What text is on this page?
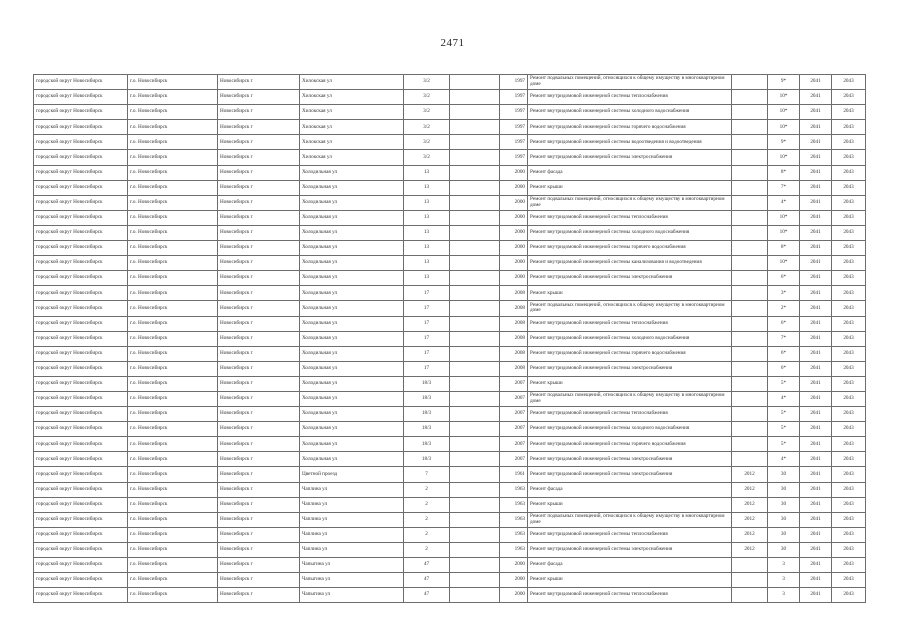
2471
городской округ Новосибирск	г.о. Новосибирск	Новосибирск г	Хилокская ул	3/2		1997	Ремонт подвальных помещений, относящихся к общему имуществу в многоквартирном доме		9*	2041	2043
городской округ Новосибирск	г.о. Новосибирск	Новосибирск г	Хилокская ул	3/2		1997	Ремонт внутридомовой инженерной системы теплоснабжения		10*	2041	2043
городской округ Новосибирск	г.о. Новосибирск	Новосибирск г	Хилокская ул	3/2		1997	Ремонт внутридомовой инженерной системы холодного водоснабжения		10*	2041	2043
городской округ Новосибирск	г.о. Новосибирск	Новосибирск г	Хилокская ул	3/2		1997	Ремонт внутридомовой инженерной системы горячего водоснабжения		10*	2041	2043
городской округ Новосибирск	г.о. Новосибирск	Новосибирск г	Хилокская ул	3/2		1997	Ремонт внутридомовой инженерной системы водоотведения и водоотведения		9*	2041	2043
городской округ Новосибирск	г.о. Новосибирск	Новосибирск г	Хилокская ул	3/2		1997	Ремонт внутридомовой инженерной системы электроснабжения		10*	2041	2043
городской округ Новосибирск	г.о. Новосибирск	Новосибирск г	Холодильная ул	13		2000	Ремонт фасада		8*	2041	2043
городской округ Новосибирск	г.о. Новосибирск	Новосибирск г	Холодильная ул	13		2000	Ремонт крыши		7*	2041	2043
городской округ Новосибирск	г.о. Новосибирск	Новосибирск г	Холодильная ул	13		2000	Ремонт подвальных помещений, относящихся к общему имуществу в многоквартирном доме		4*	2041	2043
городской округ Новосибирск	г.о. Новосибирск	Новосибирск г	Холодильная ул	13		2000	Ремонт внутридомовой инженерной системы теплоснабжения		10*	2041	2043
городской округ Новосибирск	г.о. Новосибирск	Новосибирск г	Холодильная ул	13		2000	Ремонт внутридомовой инженерной системы холодного водоснабжения		10*	2041	2043
городской округ Новосибирск	г.о. Новосибирск	Новосибирск г	Холодильная ул	13		2000	Ремонт внутридомовой инженерной системы горячего водоснабжения		8*	2041	2043
городской округ Новосибирск	г.о. Новосибирск	Новосибирск г	Холодильная ул	13		2000	Ремонт внутридомовой инженерной системы канализования и водоотведения		10*	2041	2043
городской округ Новосибирск	г.о. Новосибирск	Новосибирск г	Холодильная ул	13		2000	Ремонт внутридомовой инженерной системы электроснабжения		6*	2041	2043
городской округ Новосибирск	г.о. Новосибирск	Новосибирск г	Холодильная ул	17		2008	Ремонт крыши		3*	2041	2043
городской округ Новосибирск	г.о. Новосибирск	Новосибирск г	Холодильная ул	17		2008	Ремонт подвальных помещений, относящихся к общему имуществу в многоквартирном доме		2*	2041	2043
городской округ Новосибирск	г.о. Новосибирск	Новосибирск г	Холодильная ул	17		2008	Ремонт внутридомовой инженерной системы теплоснабжения		6*	2041	2043
городской округ Новосибирск	г.о. Новосибирск	Новосибирск г	Холодильная ул	17		2008	Ремонт внутридомовой инженерной системы холодного водоснабжения		7*	2041	2043
городской округ Новосибирск	г.о. Новосибирск	Новосибирск г	Холодильная ул	17		2008	Ремонт внутридомовой инженерной системы горячего водоснабжения		6*	2041	2043
городской округ Новосибирск	г.о. Новосибирск	Новосибирск г	Холодильная ул	17		2008	Ремонт внутридомовой инженерной системы электроснабжения		6*	2041	2043
городской округ Новосибирск	г.о. Новосибирск	Новосибирск г	Холодильная ул	18/3		2007	Ремонт крыши		5*	2041	2043
городской округ Новосибирск	г.о. Новосибирск	Новосибирск г	Холодильная ул	18/3		2007	Ремонт подвальных помещений, относящихся к общему имуществу в многоквартирном доме		4*	2041	2043
городской округ Новосибирск	г.о. Новосибирск	Новосибирск г	Холодильная ул	18/3		2007	Ремонт внутридомовой инженерной системы теплоснабжения		5*	2041	2043
городской округ Новосибирск	г.о. Новосибирск	Новосибирск г	Холодильная ул	18/3		2007	Ремонт внутридомовой инженерной системы холодного водоснабжения		5*	2041	2043
городской округ Новосибирск	г.о. Новосибирск	Новосибирск г	Холодильная ул	18/3		2007	Ремонт внутридомовой инженерной системы горячего водоснабжения		5*	2041	2043
городской округ Новосибирск	г.о. Новосибирск	Новосибирск г	Холодильная ул	18/3		2007	Ремонт внутридомовой инженерной системы электроснабжения		4*	2041	2043
городской округ Новосибирск	г.о. Новосибирск	Новосибирск г	Цветной проезд	7		1961	Ремонт внутридомовой инженерной системы электроснабжения	2012	30	2041	2043
городской округ Новосибирск	г.о. Новосибирск	Новосибирск г	Чаплина ул	2		1963	Ремонт фасада	2012	30	2041	2043
городской округ Новосибирск	г.о. Новосибирск	Новосибирск г	Чаплина ул	2		1963	Ремонт крыши	2012	30	2041	2043
городской округ Новосибирск	г.о. Новосибирск	Новосибирск г	Чаплина ул	2		1963	Ремонт подвальных помещений, относящихся к общему имуществу в многоквартирном доме	2012	30	2041	2043
городской округ Новосибирск	г.о. Новосибирск	Новосибирск г	Чаплина ул	2		1963	Ремонт внутридомовой инженерной системы теплоснабжения	2012	30	2041	2043
городской округ Новосибирск	г.о. Новосибирск	Новосибирск г	Чаплина ул	2		1963	Ремонт внутридомовой инженерной системы электроснабжения	2012	30	2041	2043
городской округ Новосибирск	г.о. Новосибирск	Новосибирск г	Чапыгина ул	47		2000	Ремонт фасада		3	2041	2043
городской округ Новосибирск	г.о. Новосибирск	Новосибирск г	Чапыгина ул	47		2000	Ремонт крыши		3	2041	2043
городской округ Новосибирск	г.о. Новосибирск	Новосибирск г	Чапыгина ул	47		2000	Ремонт внутридомовой инженерной системы теплоснабжения		3	2041	2043
